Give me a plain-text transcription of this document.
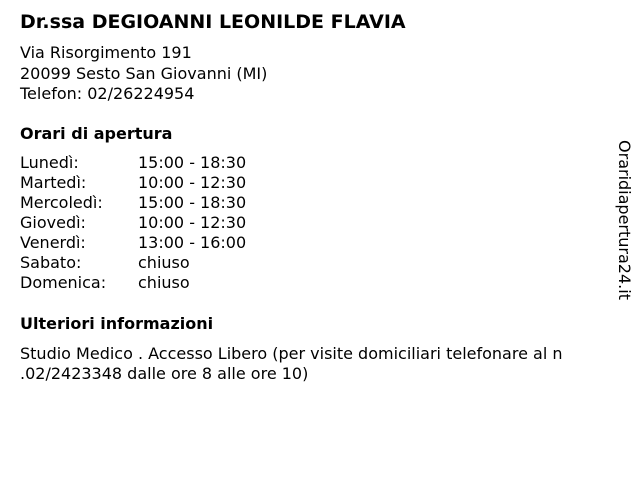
Dr.ssa DEGIOANNI LEONILDE FLAVIA
Via Risorgimento 191
20099 Sesto San Giovanni (MI)
Telefon: 02/26224954
Orari di apertura
Lunedì:	15:00 - 18:30
Martedì:	10:00 - 12:30
Mercoledì:	15:00 - 18:30
Giovedì:	10:00 - 12:30
Venerdì:	13:00 - 16:00
Sabato:	chiuso
Domenica:	chiuso
Ulteriori informazioni
Studio Medico . Accesso Libero (per visite domiciliari telefonare al n
.02/2423348 dalle ore 8 alle ore 10)
Oraridiapertura24.it
